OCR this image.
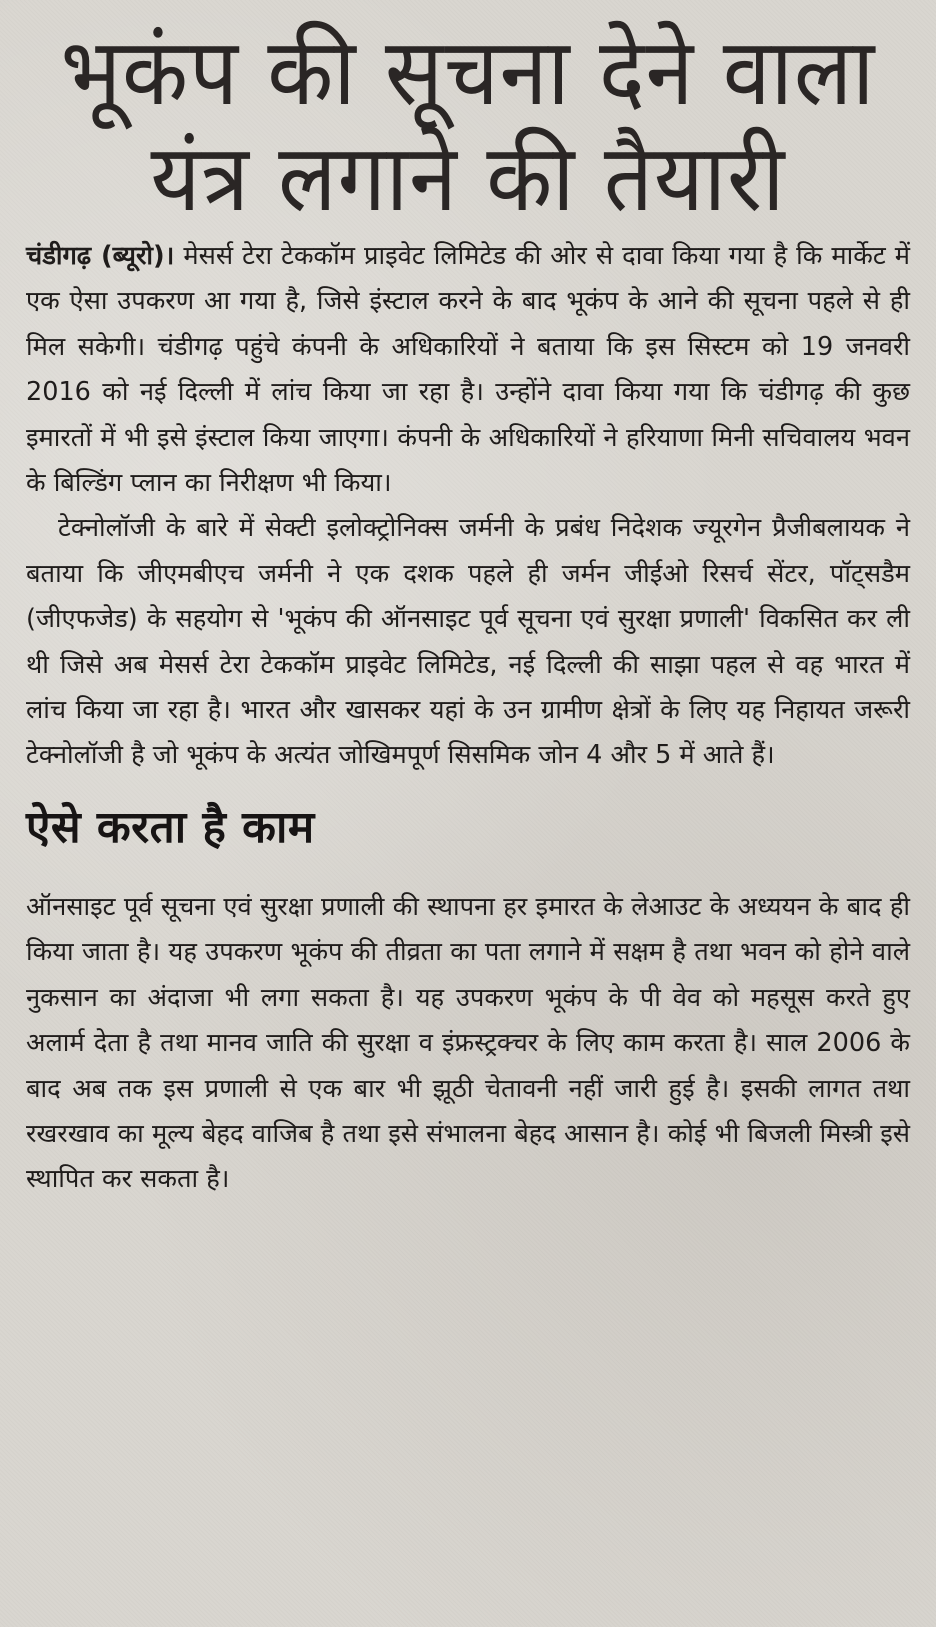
भूकंप की सूचना देने वाला
यंत्र लगाने की तैयारी

चंडीगढ़ (ब्यूरो)। मेसर्स टेरा टेककॉम प्राइवेट लिमिटेड की ओर से दावा किया गया है कि मार्केट में एक ऐसा उपकरण आ गया है, जिसे इंस्टाल करने के बाद भूकंप के आने की सूचना पहले से ही मिल सकेगी। चंडीगढ़ पहुंचे कंपनी के अधिकारियों ने बताया कि इस सिस्टम को 19 जनवरी 2016 को नई दिल्ली में लांच किया जा रहा है। उन्होंने दावा किया गया कि चंडीगढ़ की कुछ इमारतों में भी इसे इंस्टाल किया जाएगा। कंपनी के अधिकारियों ने हरियाणा मिनी सचिवालय भवन के बिल्डिंग प्लान का निरीक्षण भी किया।

टेक्नोलॉजी के बारे में सेक्टी इलोक्ट्रोनिक्स जर्मनी के प्रबंध निदेशक ज्यूरगेन प्रैजीबलायक ने बताया कि जीएमबीएच जर्मनी ने एक दशक पहले ही जर्मन जीईओ रिसर्च सेंटर, पॉट्सडैम (जीएफजेड) के सहयोग से 'भूकंप की ऑनसाइट पूर्व सूचना एवं सुरक्षा प्रणाली' विकसित कर ली थी जिसे अब मेसर्स टेरा टेककॉम प्राइवेट लिमिटेड, नई दिल्ली की साझा पहल से वह भारत में लांच किया जा रहा है। भारत और खासकर यहां के उन ग्रामीण क्षेत्रों के लिए यह निहायत जरूरी टेक्नोलॉजी है जो भूकंप के अत्यंत जोखिमपूर्ण सिसमिक जोन 4 और 5 में आते हैं।

ऐसे करता है काम

ऑनसाइट पूर्व सूचना एवं सुरक्षा प्रणाली की स्थापना हर इमारत के लेआउट के अध्ययन के बाद ही किया जाता है। यह उपकरण भूकंप की तीव्रता का पता लगाने में सक्षम है तथा भवन को होने वाले नुकसान का अंदाजा भी लगा सकता है। यह उपकरण भूकंप के पी वेव को महसूस करते हुए अलार्म देता है तथा मानव जाति की सुरक्षा व इंफ्रस्ट्रक्चर के लिए काम करता है। साल 2006 के बाद अब तक इस प्रणाली से एक बार भी झूठी चेतावनी नहीं जारी हुई है। इसकी लागत तथा रखरखाव का मूल्य बेहद वाजिब है तथा इसे संभालना बेहद आसान है। कोई भी बिजली मिस्त्री इसे स्थापित कर सकता है।
